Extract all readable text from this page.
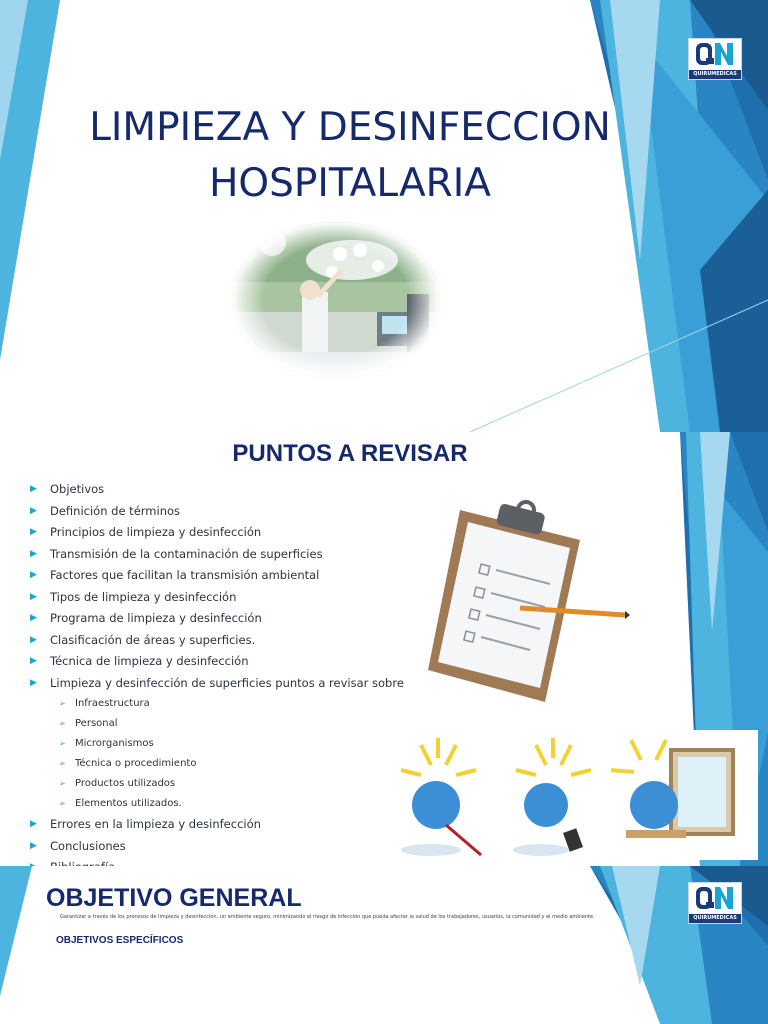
QUIRUMEDICAS
LIMPIEZA Y DESINFECCION
HOSPITALARIA
PUNTOS A REVISAR
▶ Objetivos
▶ Definición de términos
▶ Principios de limpieza y desinfección
▶ Transmisión de la contaminación de superficies
▶ Factores que facilitan la transmisión ambiental
▶ Tipos de limpieza y desinfección
▶ Programa de limpieza y desinfección
▶ Clasificación de áreas y superficies.
▶ Técnica de limpieza y desinfección
▶ Limpieza y desinfección de superficies puntos a revisar sobre
➢ Infraestructura
➢ Personal
➢ Microrganismos
➢ Técnica o procedimiento
➢ Productos utilizados
➢ Elementos utilizados.
▶ Errores en la limpieza y desinfección
▶ Conclusiones
QUIRUMEDICAS
OBJETIVO GENERAL
Garantizar a través de los procesos de limpieza y desinfección, un ambiente seguro, minimizando el riesgo de infección que pueda afectar la salud de los trabajadores, usuarios, la comunidad y el medio ambiente.
OBJETIVOS ESPECÍFICOS
